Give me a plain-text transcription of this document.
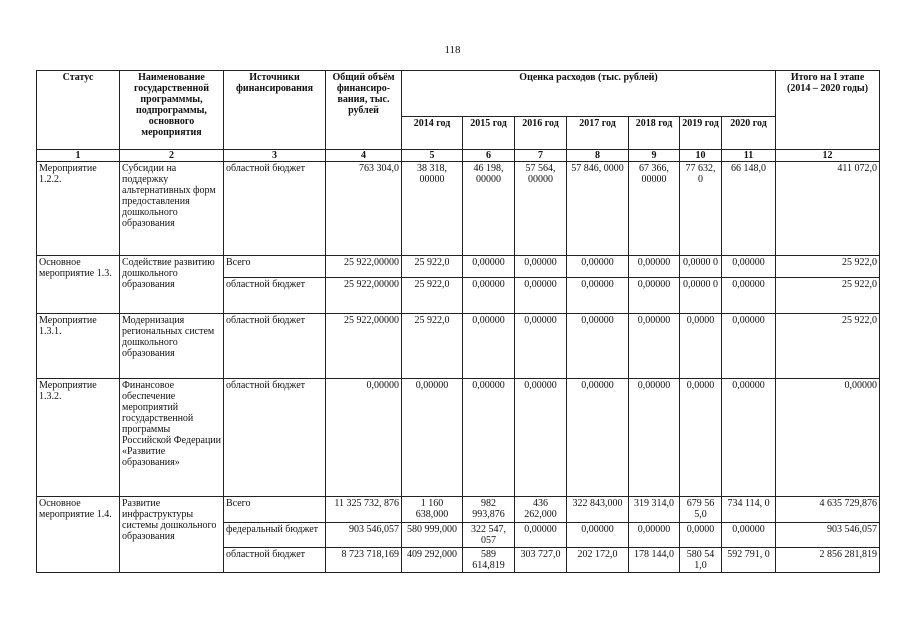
118
Статус	Наименование государственной программмы, подпрограммы, основного мероприятия	Источники финансирования	Общий объём финансиро-вания, тыс. рублей	Оценка расходов (тыс. рублей)							Итого на I этапе (2014 – 2020 годы)
				2014 год	2015 год	2016 год	2017 год	2018 год	2019 год	2020 год	
1	2	3	4	5	6	7	8	9	10	11	12
Мероприятие 1.2.2.	Субсидии на поддержку альтернативных форм предоставления дошкольного образования	областной бюджет	763 304,0	38 318, 00000	46 198, 00000	57 564, 00000	57 846, 0000	67 366, 00000	77 632, 0	66 148,0	411 072,0
Основное мероприятие 1.3.	Содействие развитию дошкольного образования	Всего	25 922,00000	25 922,0	0,00000	0,00000	0,00000	0,00000	0,0000 0	0,00000	25 922,0
		областной бюджет	25 922,00000	25 922,0	0,00000	0,00000	0,00000	0,00000	0,0000 0	0,00000	25 922,0
Мероприятие 1.3.1.	Модернизация региональных систем дошкольного образования	областной бюджет	25 922,00000	25 922,0	0,00000	0,00000	0,00000	0,00000	0,0000	0,00000	25 922,0
Мероприятие 1.3.2.	Финансовое обеспечение мероприятий государственной программы Российской Федерации «Развитие образования»	областной бюджет	0,00000	0,00000	0,00000	0,00000	0,00000	0,00000	0,0000	0,00000	0,00000
Основное мероприятие 1.4.	Развитие инфраструктуры системы дошкольного образования	Всего	11 325 732, 876	1 160 638,000	982 993,876	436 262,000	322 843,000	319 314,0	679 56 5,0	734 114, 0	4 635 729,876
		федеральный бюджет	903 546,057	580 999,000	322 547, 057	0,00000	0,00000	0,00000	0,0000	0,00000	903 546,057
		областной бюджет	8 723 718,169	409 292,000	589 614,819	303 727,0	202 172,0	178 144,0	580 54 1,0	592 791, 0	2 856 281,819
